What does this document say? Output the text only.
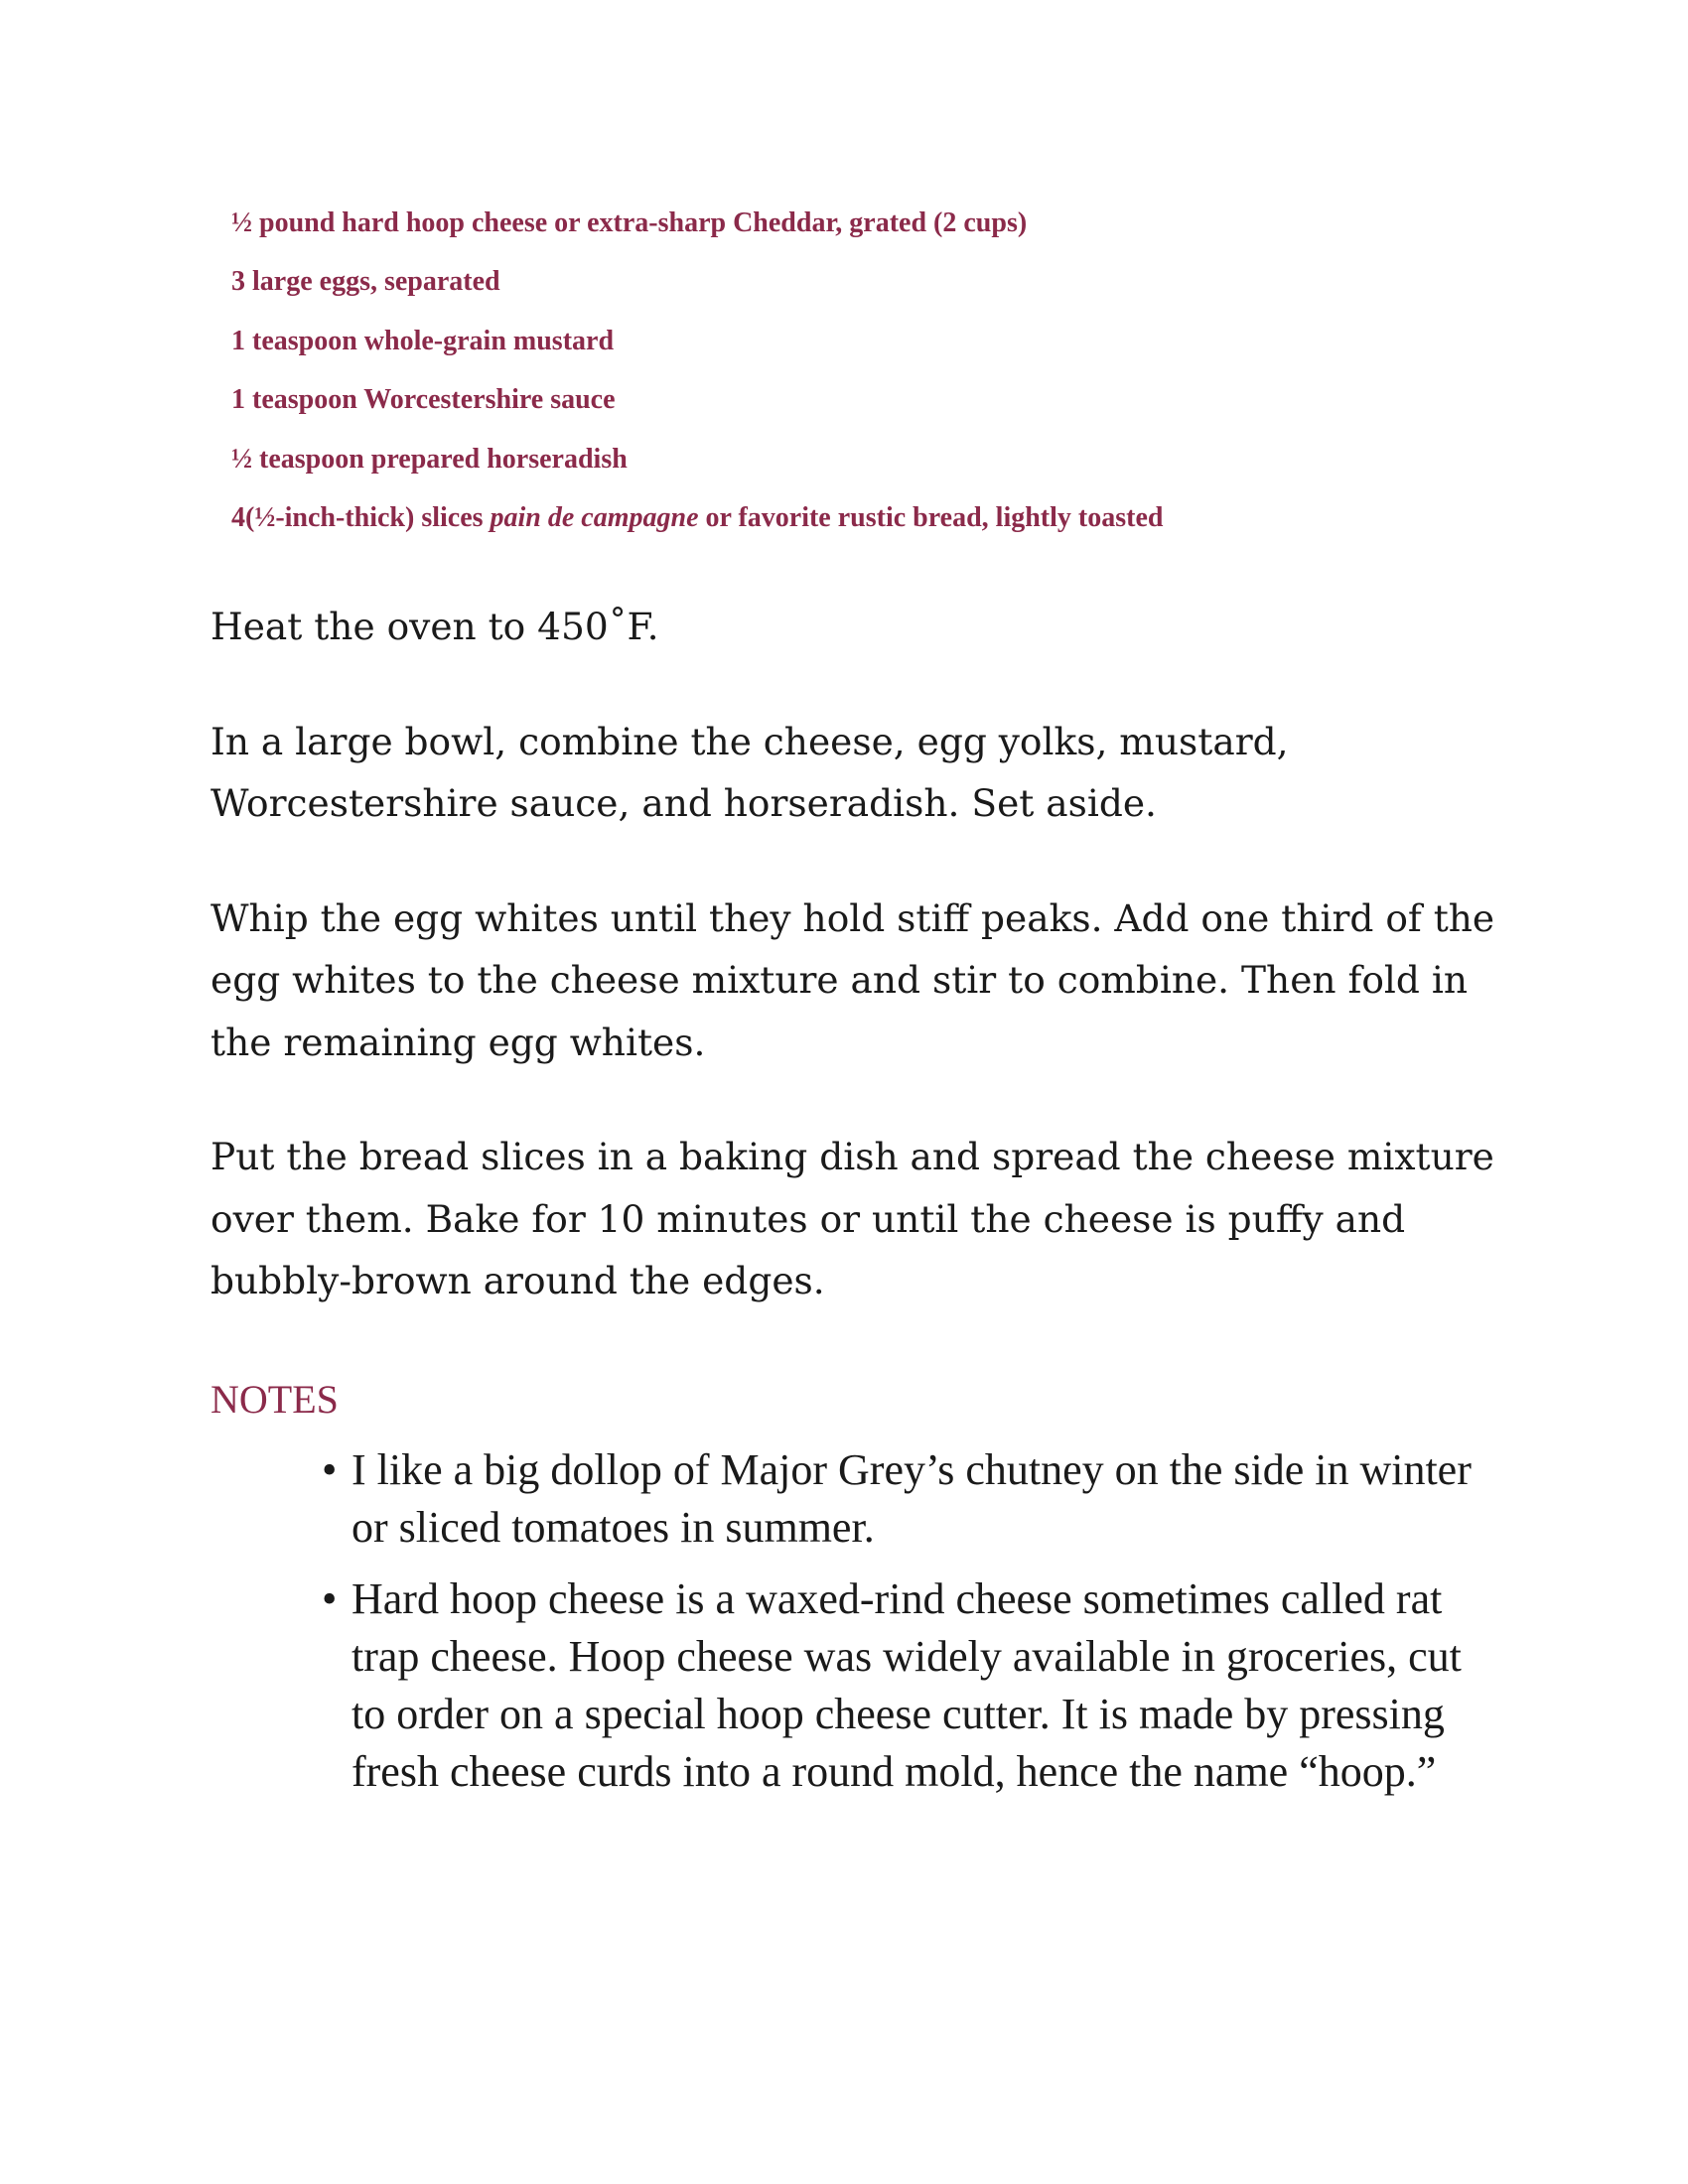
½ pound hard hoop cheese or extra-sharp Cheddar, grated (2 cups)
3 large eggs, separated
1 teaspoon whole-grain mustard
1 teaspoon Worcestershire sauce
½ teaspoon prepared horseradish
4(½-inch-thick) slices pain de campagne or favorite rustic bread, lightly toasted

Heat the oven to 450˚F.

In a large bowl, combine the cheese, egg yolks, mustard, Worcestershire sauce, and horseradish. Set aside.

Whip the egg whites until they hold stiff peaks. Add one third of the egg whites to the cheese mixture and stir to combine. Then fold in the remaining egg whites.

Put the bread slices in a baking dish and spread the cheese mixture over them. Bake for 10 minutes or until the cheese is puffy and bubbly-brown around the edges.

NOTES
• I like a big dollop of Major Grey’s chutney on the side in winter or sliced tomatoes in summer.
• Hard hoop cheese is a waxed-rind cheese sometimes called rat trap cheese. Hoop cheese was widely available in groceries, cut to order on a special hoop cheese cutter. It is made by pressing fresh cheese curds into a round mold, hence the name “hoop.”
